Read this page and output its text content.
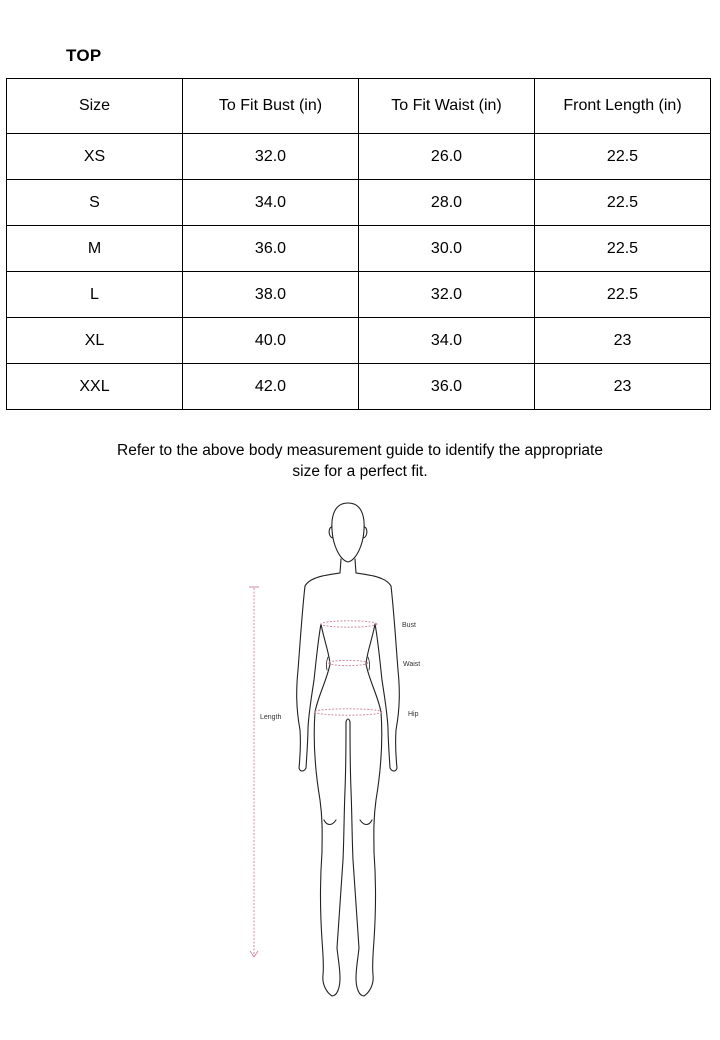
TOP
Size	To Fit Bust (in)	To Fit Waist (in)	Front Length (in)
XS	32.0	26.0	22.5
S	34.0	28.0	22.5
M	36.0	30.0	22.5
L	38.0	32.0	22.5
XL	40.0	34.0	23
XXL	42.0	36.0	23
Refer to the above body measurement guide to identify the appropriate
size for a perfect fit.
Bust
Waist
Hip
Length
